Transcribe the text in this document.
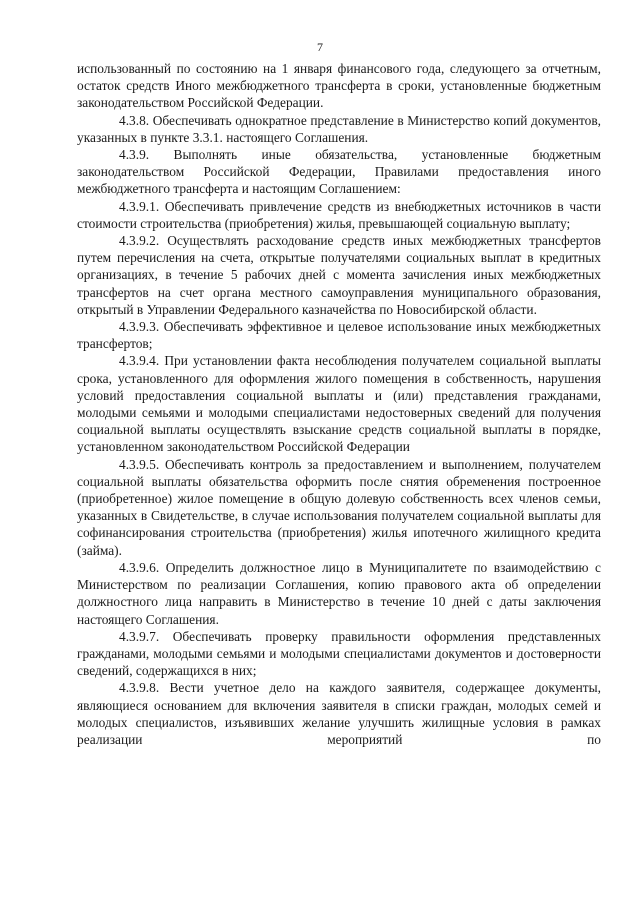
7

использованный по состоянию на 1 января финансового года, следующего за отчетным, остаток средств Иного межбюджетного трансферта в сроки, установленные бюджетным законодательством Российской Федерации.

4.3.8. Обеспечивать однократное представление в Министерство копий документов, указанных в пункте 3.3.1. настоящего Соглашения.

4.3.9. Выполнять иные обязательства, установленные бюджетным законодательством Российской Федерации, Правилами предоставления иного межбюджетного трансферта и настоящим Соглашением:

4.3.9.1. Обеспечивать привлечение средств из внебюджетных источников в части стоимости строительства (приобретения) жилья, превышающей социальную выплату;

4.3.9.2. Осуществлять расходование средств иных межбюджетных трансфертов путем перечисления на счета, открытые получателями социальных выплат в кредитных организациях, в течение 5 рабочих дней с момента зачисления иных межбюджетных трансфертов на счет органа местного самоуправления муниципального образования, открытый в Управлении Федерального казначейства по Новосибирской области.

4.3.9.3. Обеспечивать эффективное и целевое использование иных межбюджетных трансфертов;

4.3.9.4. При установлении факта несоблюдения получателем социальной выплаты срока, установленного для оформления жилого помещения в собственность, нарушения условий предоставления социальной выплаты и (или) представления гражданами, молодыми семьями и молодыми специалистами недостоверных сведений для получения социальной выплаты осуществлять взыскание средств социальной выплаты в порядке, установленном законодательством Российской Федерации

4.3.9.5. Обеспечивать контроль за предоставлением и выполнением, получателем социальной выплаты обязательства оформить после снятия обременения построенное (приобретенное) жилое помещение в общую долевую собственность всех членов семьи, указанных в Свидетельстве, в случае использования получателем социальной выплаты для софинансирования строительства (приобретения) жилья ипотечного жилищного кредита (займа).

4.3.9.6. Определить должностное лицо в Муниципалитете по взаимодействию с Министерством по реализации Соглашения, копию правового акта об определении должностного лица направить в Министерство в течение 10 дней с даты заключения настоящего Соглашения.

4.3.9.7. Обеспечивать проверку правильности оформления представленных гражданами, молодыми семьями и молодыми специалистами документов и достоверности сведений, содержащихся в них;

4.3.9.8. Вести учетное дело на каждого заявителя, содержащее документы, являющиеся основанием для включения заявителя в списки граждан, молодых семей и молодых специалистов, изъявивших желание улучшить жилищные условия в рамках реализации мероприятий по
